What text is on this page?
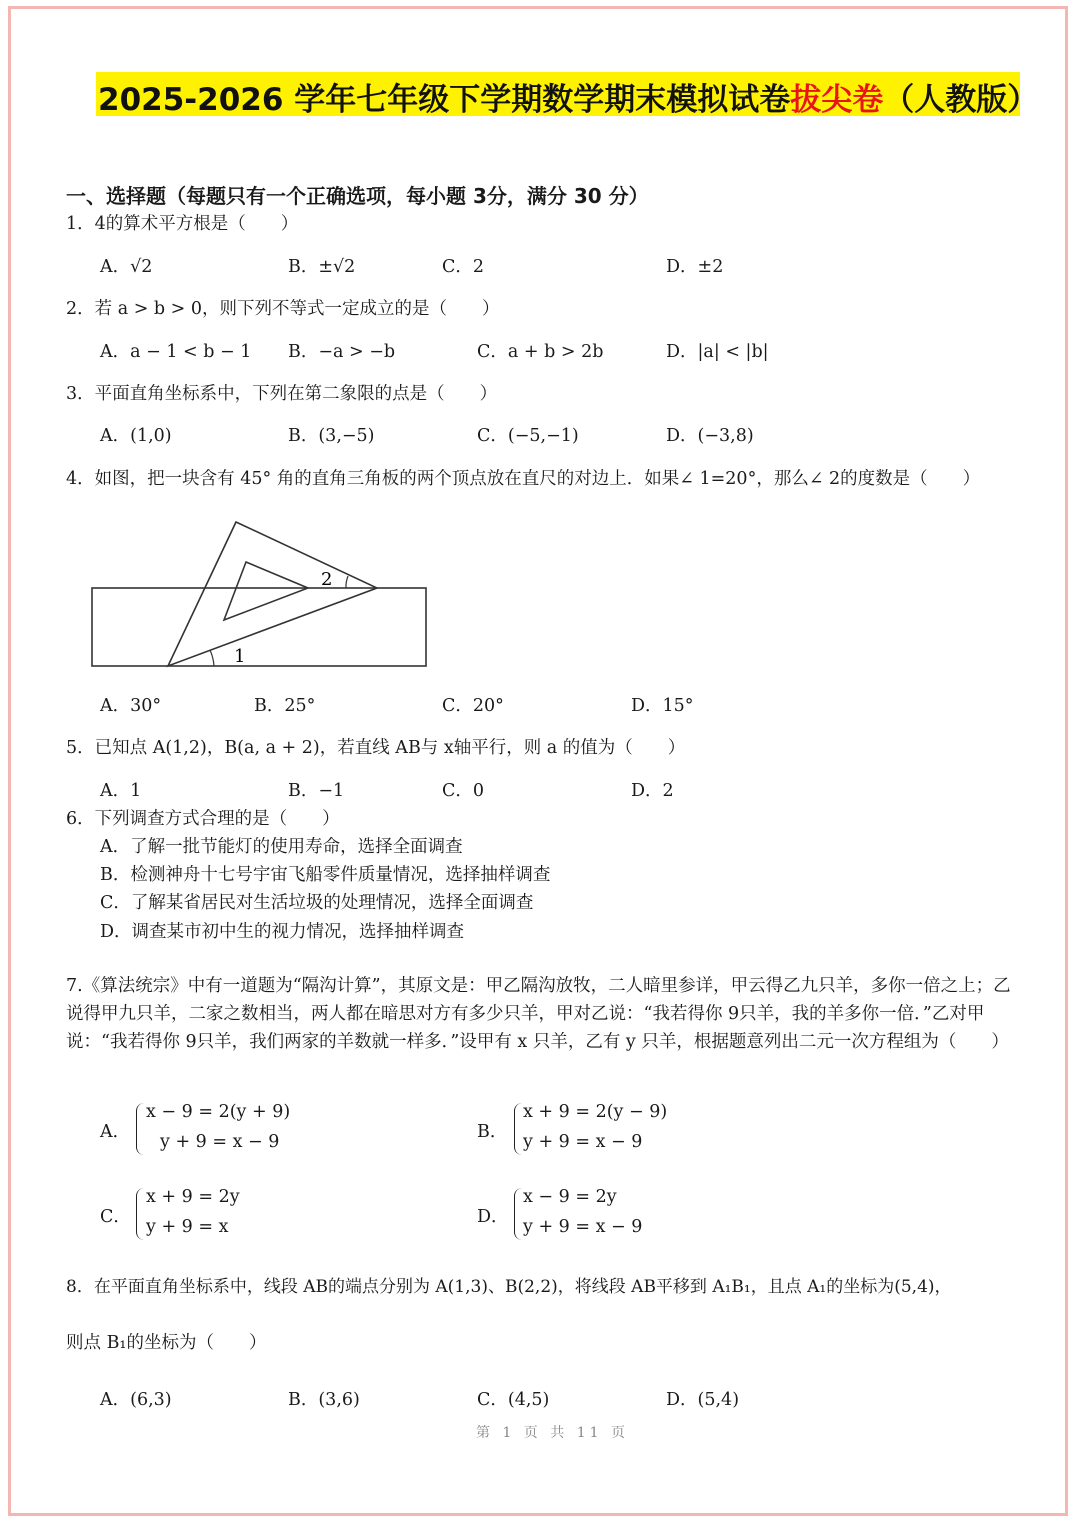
2025-2026 学年七年级下学期数学期末模拟试卷拔尖卷（人教版）
一、选择题（每题只有一个正确选项，每小题 3分，满分 30 分）
1．4的算术平方根是（　　）
A．√2	B．±√2	C．2	D．±2
2．若 a > b > 0，则下列不等式一定成立的是（　　）
A．a − 1 < b − 1 B．−a > −b	C．a + b > 2b	D．|a| < |b|
3．平面直角坐标系中，下列在第二象限的点是（　　）
A．(1,0)	B．(3,−5)	C．(−5,−1)	D．(−3,8)
4．如图，把一块含有 45° 角的直角三角板的两个顶点放在直尺的对边上．如果∠ 1=20°，那么∠ 2的度数是（　　）
1
2
A．30°	B．25°	C．20°	D．15°
5．已知点 A(1,2)，B(a, a + 2)，若直线 AB与 x轴平行，则 a 的值为（　　）
A．1	B．−1	C．0	D．2
6．下列调查方式合理的是（　　）
A．了解一批节能灯的使用寿命，选择全面调查
B．检测神舟十七号宇宙飞船零件质量情况，选择抽样调查
C．了解某省居民对生活垃圾的处理情况，选择全面调查
D．调查某市初中生的视力情况，选择抽样调查
7.《算法统宗》中有一道题为“隔沟计算”，其原文是：甲乙隔沟放牧，二人暗里参详，甲云得乙九只羊，多你一倍之上；乙说得甲九只羊，二家之数相当，两人都在暗思对方有多少只羊，甲对乙说：“我若得你 9只羊，我的羊多你一倍．”乙对甲说：“我若得你 9只羊，我们两家的羊数就一样多．”设甲有 x 只羊，乙有 y 只羊，根据题意列出二元一次方程组为（　　）
A．
x − 9 = 2(y + 9)
y + 9 = x − 9	B．
x + 9 = 2(y − 9)
y + 9 = x − 9
C．
x + 9 = 2y
y + 9 = x	D．
x − 9 = 2y
y + 9 = x − 9
8．在平面直角坐标系中，线段 AB的端点分别为 A(1,3)、B(2,2)，将线段 AB平移到 A₁B₁，且点 A₁的坐标为(5,4)，
则点 B₁的坐标为（　　）
A．(6,3)	B．(3,6)	C．(4,5)	D．(5,4)
第 1 页 共 11 页
